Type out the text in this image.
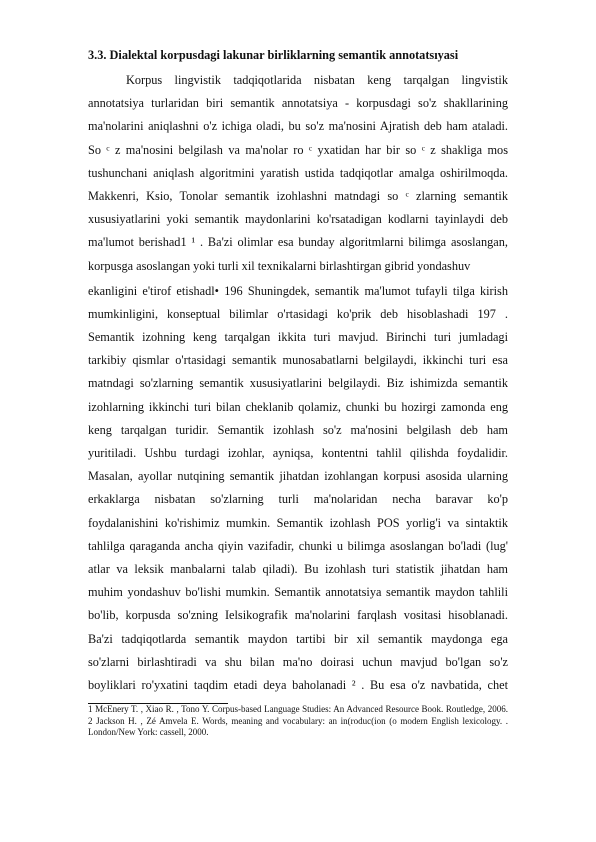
3.3. Dialektal korpusdagi lakunar birliklarning semantik annotatsıyasi
Korpus lingvistik tadqiqotlarida nisbatan keng tarqalgan lingvistik
annotatsiya turlaridan biri semantik annotatsiya - korpusdagi so'z shakllarining
ma'nolarini aniqlashni o'z ichiga oladi, bu so'z ma'nosini Ajratish deb ham ataladi.
So ᶜ z ma'nosini belgilash va ma'nolar ro ᶜ yxatidan har bir so ᶜ z shakliga mos
tushunchani aniqlash algoritmini yaratish ustida tadqiqotlar amalga oshirilmoqda.
Makkenri, Ksio, Tonolar semantik izohlashni matndagi so ᶜ zlarning semantik
xususiyatlarini yoki semantik maydonlarini ko'rsatadigan kodlarni tayinlaydi deb
ma'lumot berishad1 ¹ . Ba'zi olimlar esa bunday algoritmlarni bilimga asoslangan,
korpusga asoslangan yoki turli xil texnikalarni birlashtirgan gibrid yondashuv
ekanligini e'tirof etishadl• 196 Shuningdek, semantik ma'lumot tufayli tilga kirish
mumkinligini, konseptual bilimlar o'rtasidagi ko'prik deb hisoblashadi 197 .
Semantik izohning keng tarqalgan ikkita turi mavjud. Birinchi turi jumladagi
tarkibiy qismlar o'rtasidagi semantik munosabatlarni belgilaydi, ikkinchi turi esa
matndagi so'zlarning semantik xususiyatlarini belgilaydi. Biz ishimizda semantik
izohlarning ikkinchi turi bilan cheklanib qolamiz, chunki bu hozirgi zamonda eng
keng tarqalgan turidir. Semantik izohlash so'z ma'nosini belgilash deb ham
yuritiladi. Ushbu turdagi izohlar, ayniqsa, kontentni tahlil qilishda foydalidir.
Masalan, ayollar nutqining semantik jihatdan izohlangan korpusi asosida ularning
erkaklarga nisbatan so'zlarning turli ma'nolaridan necha baravar ko'p
foydalanishini ko'rishimiz mumkin. Semantik izohlash POS yorlig'i va sintaktik
tahlilga qaraganda ancha qiyin vazifadir, chunki u bilimga asoslangan bo'ladi (lug'
atlar va leksik manbalarni talab qiladi). Bu izohlash turi statistik jihatdan ham
muhim yondashuv bo'lishi mumkin. Semantik annotatsiya semantik maydon tahlili
bo'lib, korpusda so'zning Ielsikografik ma'nolarini farqlash vositasi hisoblanadi.
Ba'zi tadqiqotlarda semantik maydon tartibi bir xil semantik maydonga ega
so'zlarni birlashtiradi va shu bilan ma'no doirasi uchun mavjud bo'lgan so'z
boyliklari ro'yxatini taqdim etadi deya baholanadi ² . Bu esa o'z navbatida, chet
1 McEnery T. , Xiao R. , Tono Y. Corpus-based Language Studies: An Advanced Resource Book. Routledge, 2006.
2 Jackson H. , Zé Amvela E. Words, meaning and vocabulary: an in(roduc(ion (o modern English lexicology. .
London/New York: cassell, 2000.
